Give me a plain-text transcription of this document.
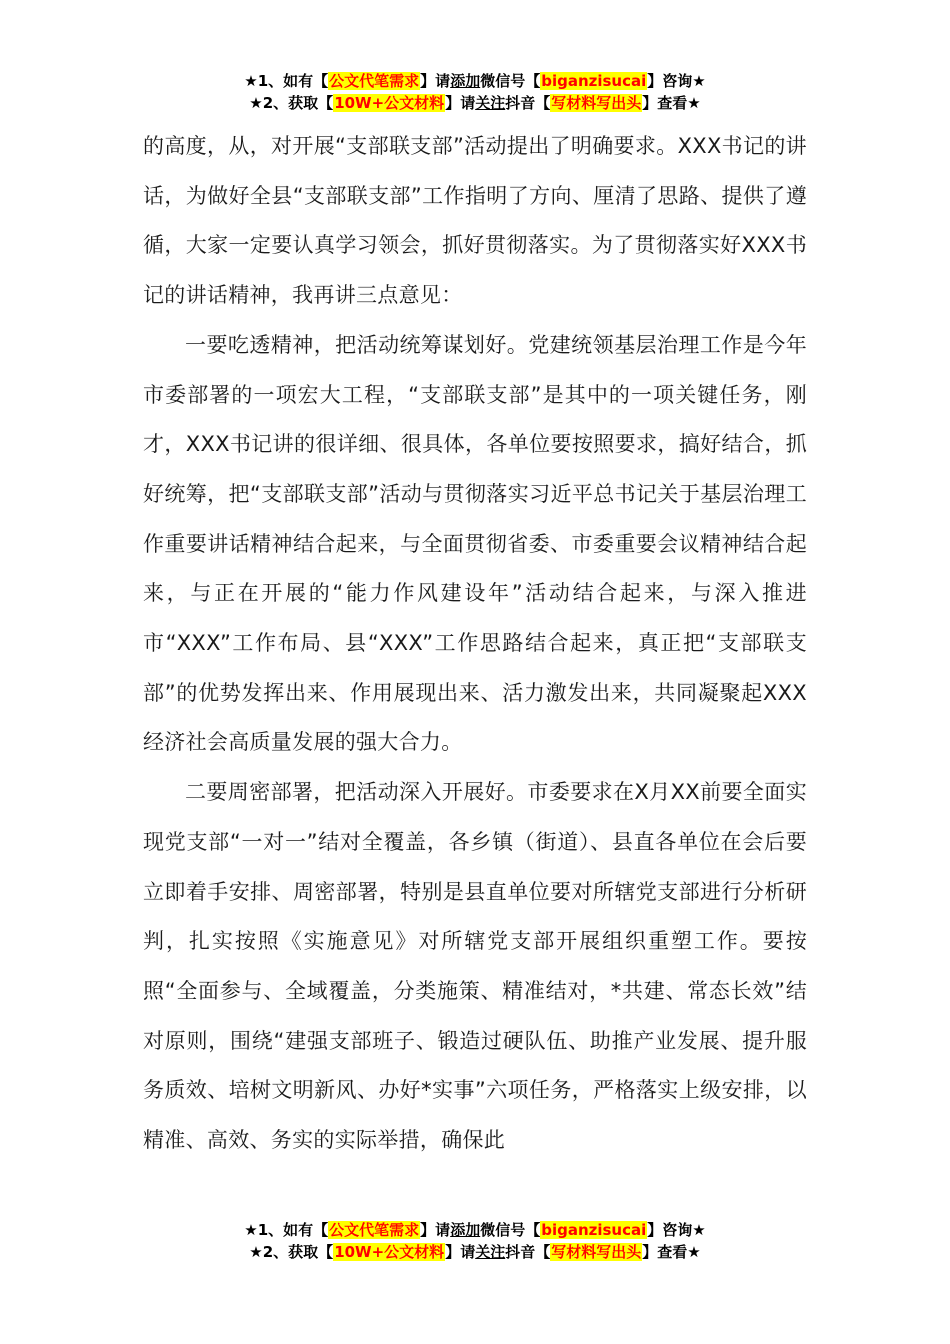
★1、如有【公文代笔需求】请添加微信号【biganzisucai】咨询★
★2、获取【10W+公文材料】请关注抖音【写材料写出头】查看★

的高度，从，对开展“支部联支部”活动提出了明确要求。XXX书记的讲话，为做好全县“支部联支部”工作指明了方向、厘清了思路、提供了遵循，大家一定要认真学习领会，抓好贯彻落实。为了贯彻落实好XXX书记的讲话精神，我再讲三点意见：

一要吃透精神，把活动统筹谋划好。党建统领基层治理工作是今年市委部署的一项宏大工程，“支部联支部”是其中的一项关键任务，刚才，XXX书记讲的很详细、很具体，各单位要按照要求，搞好结合，抓好统筹，把“支部联支部”活动与贯彻落实习近平总书记关于基层治理工作重要讲话精神结合起来，与全面贯彻省委、市委重要会议精神结合起来，与正在开展的“能力作风建设年”活动结合起来，与深入推进市“XXX”工作布局、县“XXX”工作思路结合起来，真正把“支部联支部”的优势发挥出来、作用展现出来、活力激发出来，共同凝聚起XXX经济社会高质量发展的强大合力。

二要周密部署，把活动深入开展好。市委要求在X月XX前要全面实现党支部“一对一”结对全覆盖，各乡镇（街道）、县直各单位在会后要立即着手安排、周密部署，特别是县直单位要对所辖党支部进行分析研判，扎实按照《实施意见》对所辖党支部开展组织重塑工作。要按照“全面参与、全域覆盖，分类施策、精准结对，*共建、常态长效”结对原则，围绕“建强支部班子、锻造过硬队伍、助推产业发展、提升服务质效、培树文明新风、办好*实事”六项任务，严格落实上级安排，以精准、高效、务实的实际举措，确保此

★1、如有【公文代笔需求】请添加微信号【biganzisucai】咨询★
★2、获取【10W+公文材料】请关注抖音【写材料写出头】查看★
